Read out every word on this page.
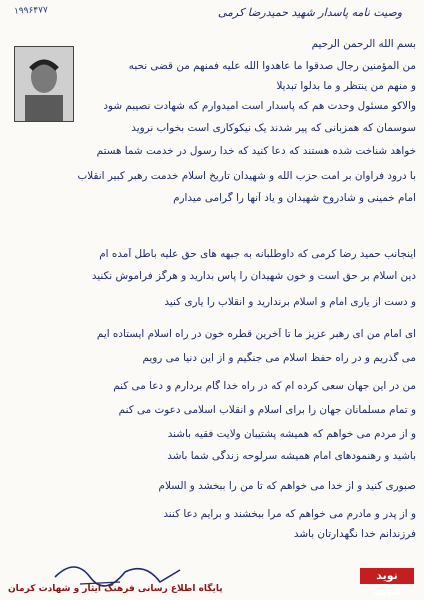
۱۹۹۶۴۷۷	وصیت نامه پاسدار شهید حمیدرضا کرمی
بسم الله الرحمن الرحیم
من المؤمنین رجال صدقوا ما عاهدوا الله علیه فمنهم من قضی نحبه
و منهم من ینتظر و ما بدلوا تبدیلا
والاکو مسئول وحدت هم که پاسدار است امیدوارم که شهادت نصیبم شود
سوسمان که همزبانی که پیر شدند یک نیکوکاری است بخواب نروید
خواهد شناخت شده هستند که دعا کنید که خدا رسول در خدمت شما هستم
با درود فراوان بر امت حزب الله و شهیدان تاریخ اسلام خدمت رهبر کبیر انقلاب
امام خمینی و شادروح شهیدان و یاد آنها را گرامی میدارم
اینجانب حمید رضا کرمی که داوطلبانه به جبهه های حق علیه باطل آمده ام
دین اسلام بر حق است و خون شهیدان را پاس بدارید و هرگز فراموش نکنید
و دست از یاری امام و اسلام برندارید و انقلاب را یاری کنید
ای امام من ای رهبر عزیز ما تا آخرین قطره خون در راه اسلام ایستاده ایم
می گذریم و در راه حفظ اسلام می جنگیم و از این دنیا می رویم
من در این جهان سعی کرده ام که در راه خدا گام بردارم و دعا می کنم
و تمام مسلمانان جهان را برای اسلام و انقلاب اسلامی دعوت می کنم
و از مردم می خواهم که همیشه پشتیبان ولایت فقیه باشند
باشید و رهنمودهای امام همیشه سرلوحه زندگی شما باشد
صبوری کنید و از خدا می خواهم که تا من را ببخشد و السلام
و از پدر و مادرم می خواهم که مرا ببخشند و برایم دعا کنند
فرزندانم خدا نگهدارتان باشد
پایگاه اطلاع رسانی فرهنگ ایثار و شهادت کرمان
نوید شاهد
